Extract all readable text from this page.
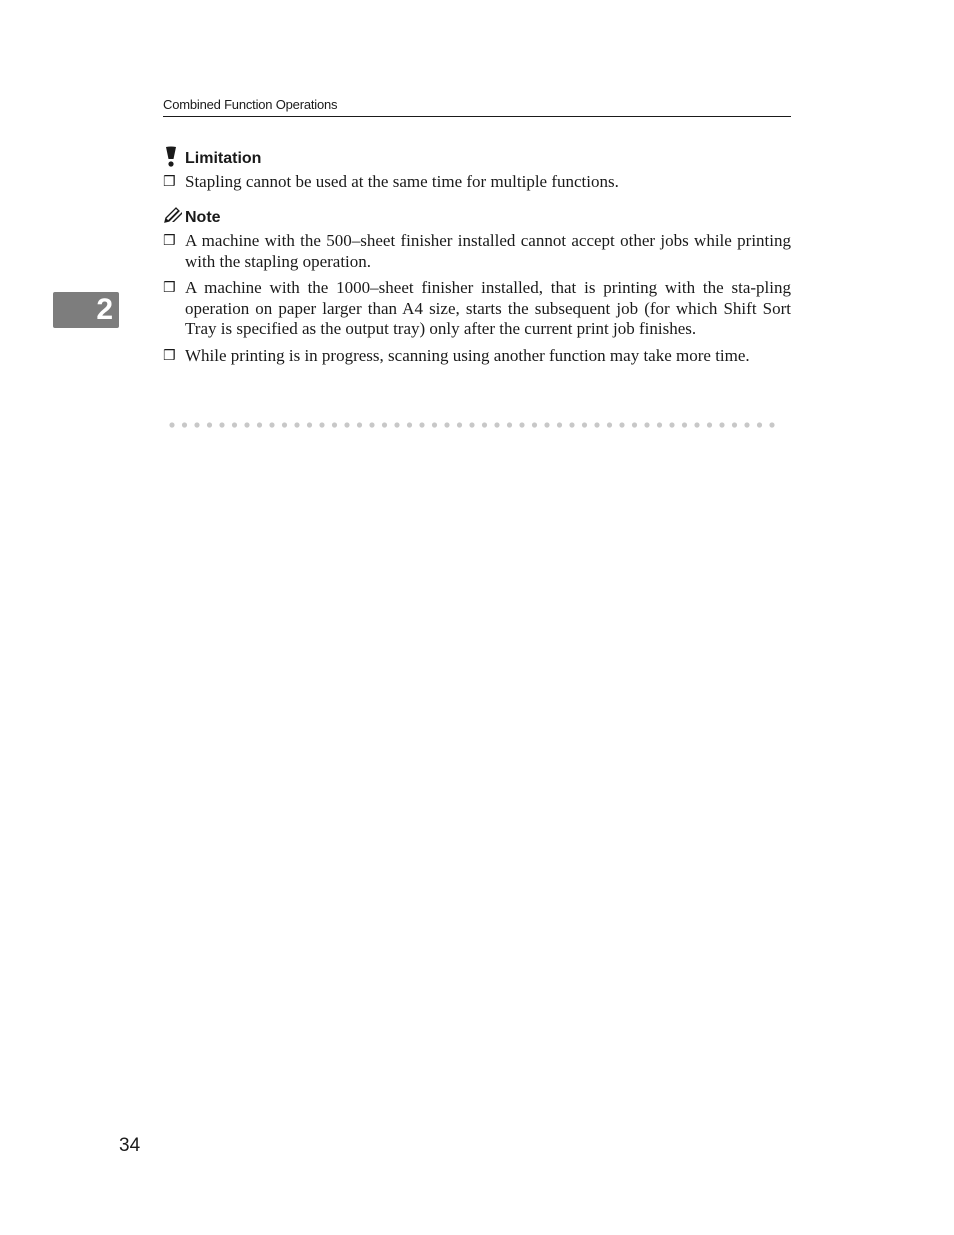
Combined Function Operations
2
Limitation
❒ Stapling cannot be used at the same time for multiple functions.
Note
❒ A machine with the 500–sheet finisher installed cannot accept other jobs while printing with the stapling operation.
❒ A machine with the 1000–sheet finisher installed, that is printing with the sta-pling operation on paper larger than A4 size, starts the subsequent job (for which Shift Sort Tray is specified as the output tray) only after the current print job finishes.
❒ While printing is in progress, scanning using another function may take more time.
34
